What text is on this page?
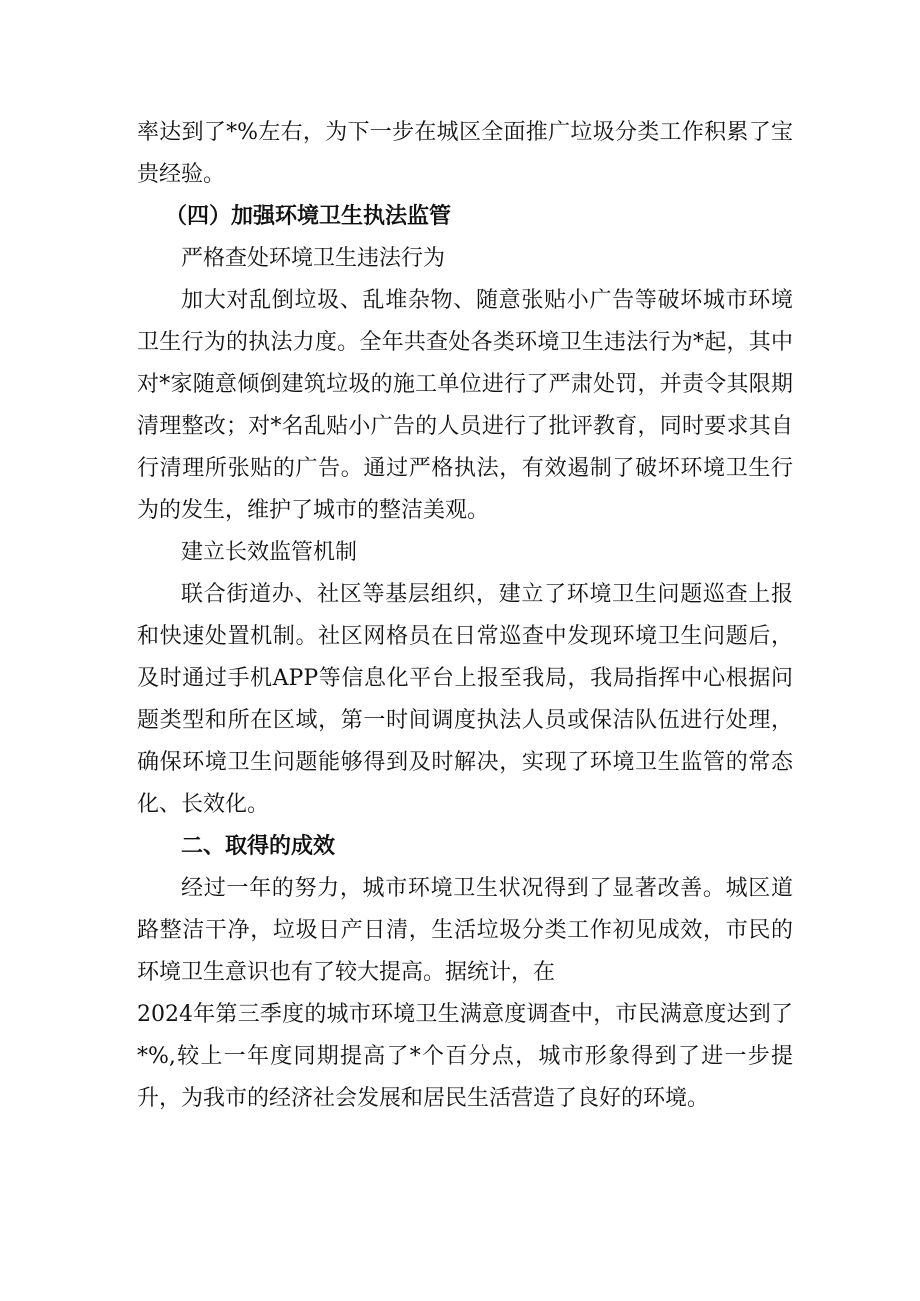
率达到了*%左右，为下一步在城区全面推广垃圾分类工作积累了宝贵经验。

（四）加强环境卫生执法监管

严格查处环境卫生违法行为

加大对乱倒垃圾、乱堆杂物、随意张贴小广告等破坏城市环境卫生行为的执法力度。全年共查处各类环境卫生违法行为*起，其中对*家随意倾倒建筑垃圾的施工单位进行了严肃处罚，并责令其限期清理整改；对*名乱贴小广告的人员进行了批评教育，同时要求其自行清理所张贴的广告。通过严格执法，有效遏制了破坏环境卫生行为的发生，维护了城市的整洁美观。

建立长效监管机制

联合街道办、社区等基层组织，建立了环境卫生问题巡查上报和快速处置机制。社区网格员在日常巡查中发现环境卫生问题后，及时通过手机APP等信息化平台上报至我局，我局指挥中心根据问题类型和所在区域，第一时间调度执法人员或保洁队伍进行处理，确保环境卫生问题能够得到及时解决，实现了环境卫生监管的常态化、长效化。

二、取得的成效

经过一年的努力，城市环境卫生状况得到了显著改善。城区道路整洁干净，垃圾日产日清，生活垃圾分类工作初见成效，市民的环境卫生意识也有了较大提高。据统计，在

2024年第三季度的城市环境卫生满意度调查中，市民满意度达到了*%,较上一年度同期提高了*个百分点，城市形象得到了进一步提升，为我市的经济社会发展和居民生活营造了良好的环境。
